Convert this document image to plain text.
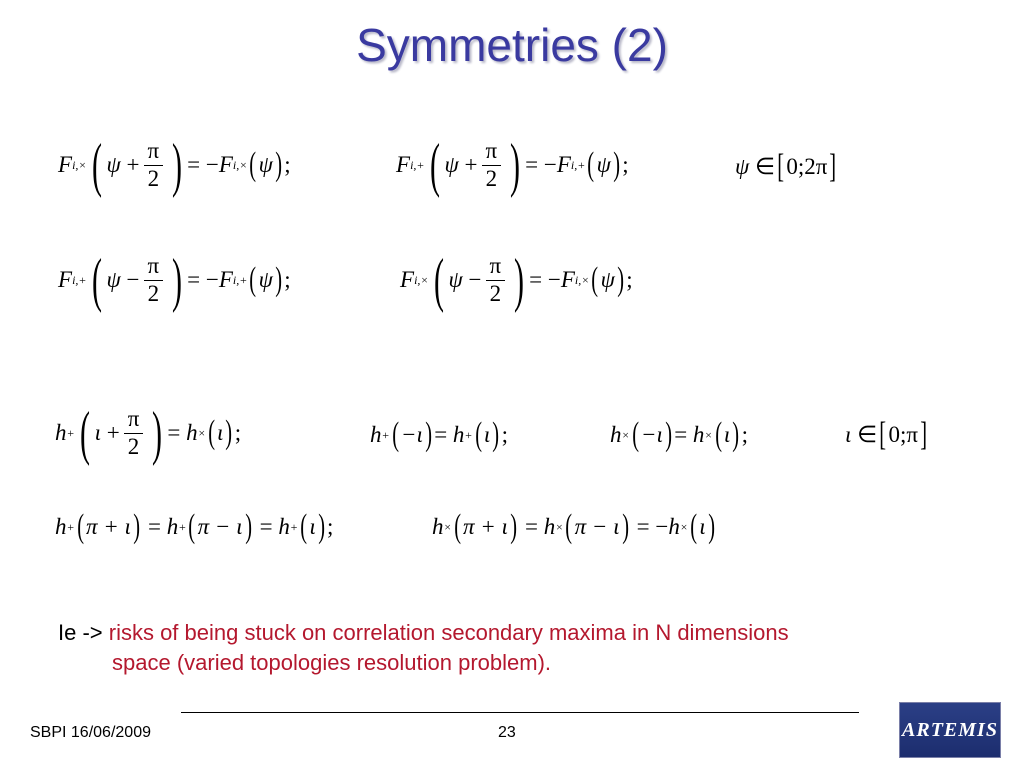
Symmetries (2)
F i,× ( ψ
+ $\frac{\pi}{2}$ ) = − F i,× ( ψ ) ;	F i,+ ( ψ
+ $\frac{\pi}{2}$ ) = − F i,+ ( ψ ) ;	ψ
∈ [ 0;2π ]
F i,+ ( ψ
− $\frac{\pi}{2}$ ) = − F i,+ ( ψ ) ;	F i,× ( ψ
− $\frac{\pi}{2}$ ) = − F i,× ( ψ ) ;
h + ( ι
+ $\frac{\pi}{2}$ ) =
h × ( ι ) ;	h + ( −ι ) =
h + ( ι ) ;	h × ( −ι ) =
h × ( ι ) ;	ι
∈ [ 0;π ]
h + ( π + ι )
=
h + ( π − ι )
=
h + ( ι ) ;	h × ( π + ι )
=
h × ( π − ι )
= − h × ( ι )
Ie -> risks of being stuck on correlation secondary maxima in N dimensions
space (varied topologies resolution problem).
SBPI 16/06/2009	23	ARTEMIS
